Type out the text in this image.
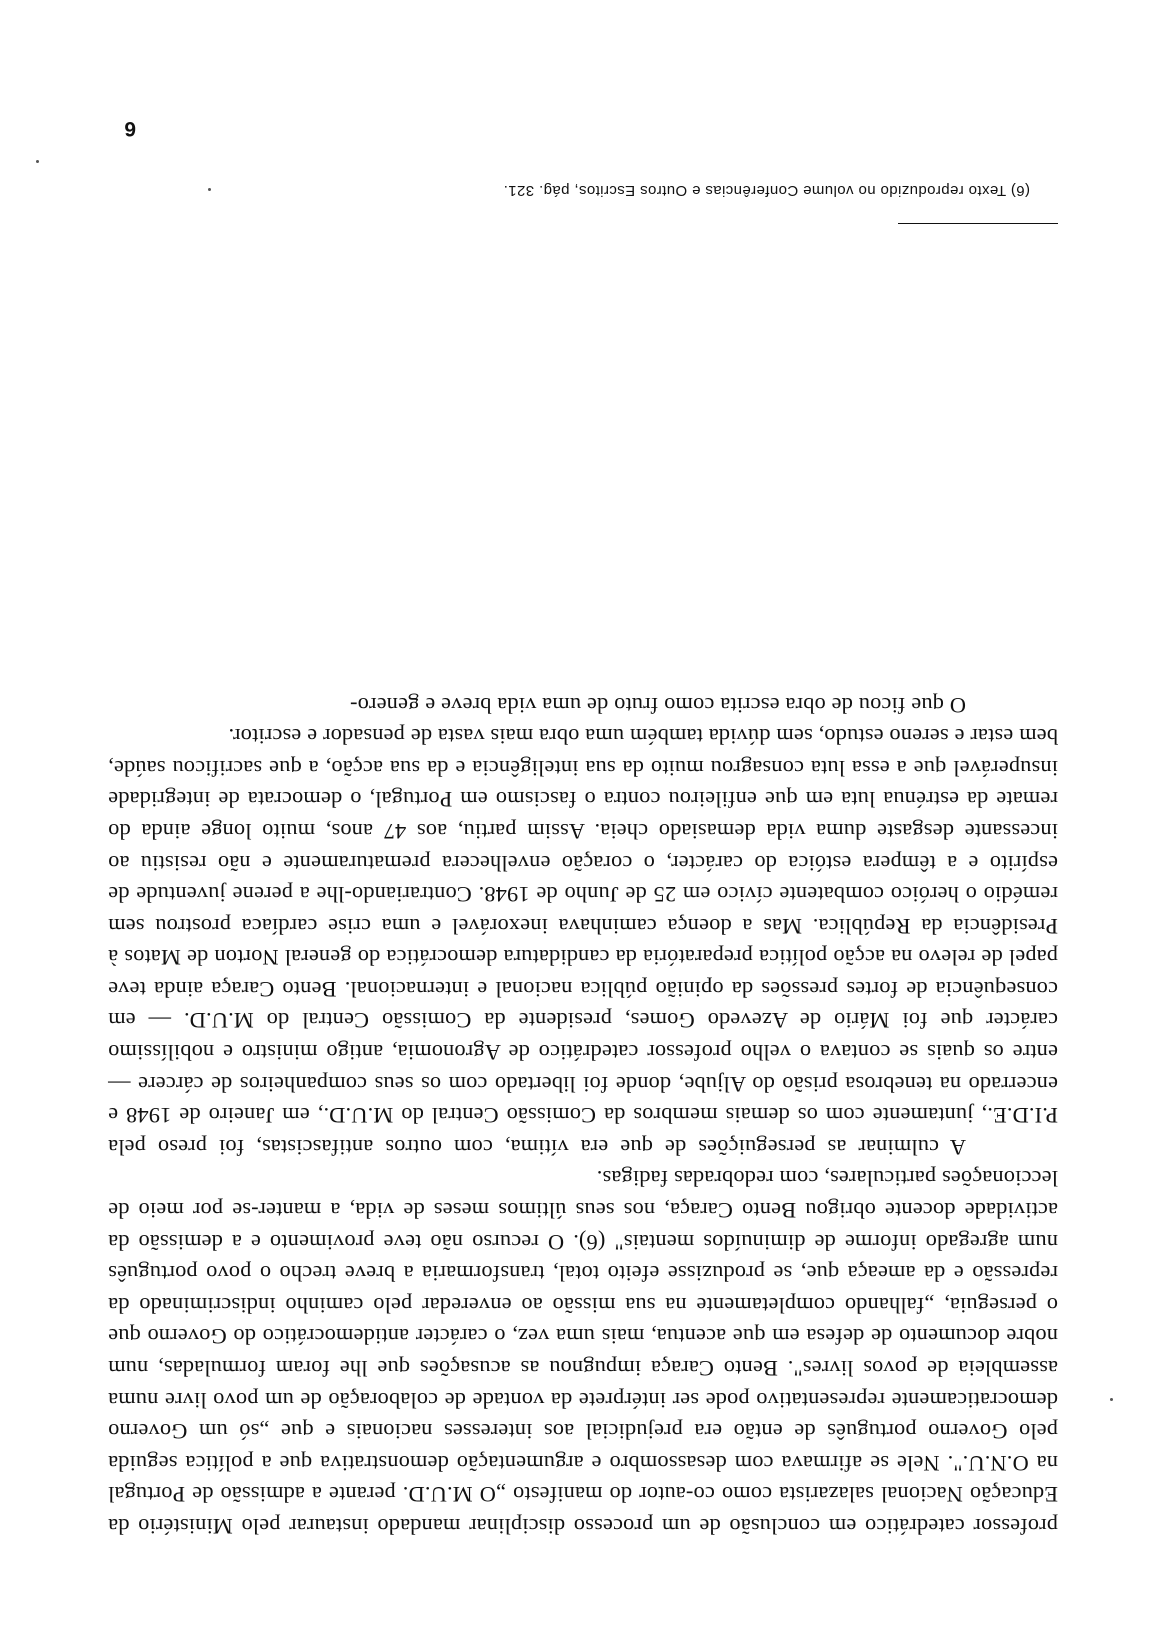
professor catedrático em conclusão de um processo disciplinar mandado instaurar pelo Ministério da Educação Nacional salazarista como co-autor do manifesto „O M.U.D. perante a admissão de Portugal na O.N.U.". Nele se afirmava com desassombro e argumentação demonstrativa que a política seguida pelo Governo português de então era prejudicial aos interesses nacionais e que „só um Governo democraticamente representativo pode ser intérprete da vontade de colaboração de um povo livre numa assembleia de povos livres". Bento Caraça impugnou as acusações que lhe foram formuladas, num nobre documento de defesa em que acentua, mais uma vez, o carácter antidemocrático do Governo que o perseguia, „falhando completamente na sua missão ao enveredar pelo caminho indiscriminado da repressão e da ameaça que, se produzisse efeito total, transformaria a breve trecho o povo português num agregado informe de diminuídos mentais" (6). O recurso não teve provimento e a demissão da actividade docente obrigou Bento Caraça, nos seus últimos meses de vida, a manter-se por meio de leccionações particulares, com redobradas fadigas.

A culminar as perseguições de que era vítima, com outros antifascistas, foi preso pela P.I.D.E., juntamente com os demais membros da Comissão Central do M.U.D., em Janeiro de 1948 e encerrado na tenebrosa prisão do Aljube, donde foi libertado com os seus companheiros de cárcere — entre os quais se contava o velho professor catedrático de Agronomia, antigo ministro e nobilíssimo carácter que foi Mário de Azevedo Gomes, presidente da Comissão Central do M.U.D. — em consequência de fortes pressões da opinião pública nacional e internacional. Bento Caraça ainda teve papel de relevo na acção política preparatória da candidatura democrática do general Norton de Matos à Presidência da República. Mas a doença caminhava inexorável e uma crise cardíaca prostrou sem remédio o heróico combatente cívico em 25 de Junho de 1948. Contrariando-lhe a perene juventude de espírito e a têmpera estóica do carácter, o coração envelhecera prematuramente e não resistiu ao incessante desgaste duma vida demasiado cheia. Assim partiu, aos 47 anos, muito longe ainda do remate da estrénua luta em que enfileirou contra o fascismo em Portugal, o democrata de integridade insuperável que a essa luta consagrou muito da sua inteligência e da sua acção, a que sacrificou saúde, bem estar e sereno estudo, sem dúvida também uma obra mais vasta de pensador e escritor.

O que ficou de obra escrita como fruto de uma vida breve e genero-

(6) Texto reproduzido no volume Conferências e Outros Escritos, pág. 321.
6
